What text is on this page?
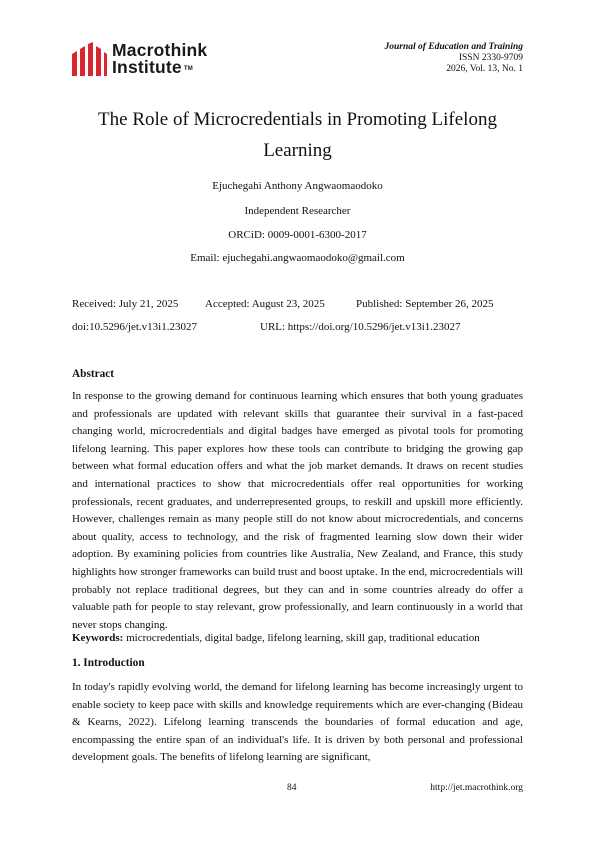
Macrothink
Institute ™
Journal of Education and Training
ISSN 2330-9709
2026, Vol. 13, No. 1
The Role of Microcredentials in Promoting Lifelong
Learning
Ejuchegahi Anthony Angwaomaodoko
Independent Researcher
ORCiD: 0009-0001-6300-2017
Email: ejuchegahi.angwaomaodoko@gmail.com
Received: July 21, 2025 Accepted: August 23, 2025	Published: September 26, 2025
doi:10.5296/jet.v13i1.23027	URL: https://doi.org/10.5296/jet.v13i1.23027
Abstract

In response to the growing demand for continuous learning which ensures that both young graduates and professionals are updated with relevant skills that guarantee their survival in a fast-paced changing world, microcredentials and digital badges have emerged as pivotal tools for promoting lifelong learning. This paper explores how these tools can contribute to bridging the growing gap between what formal education offers and what the job market demands. It draws on recent studies and international practices to show that microcredentials offer real opportunities for working professionals, recent graduates, and underrepresented groups, to reskill and upskill more efficiently. However, challenges remain as many people still do not know about microcredentials, and concerns about quality, access to technology, and the risk of fragmented learning slow down their wider adoption. By examining policies from countries like Australia, New Zealand, and France, this study highlights how stronger frameworks can build trust and boost uptake. In the end, microcredentials will probably not replace traditional degrees, but they can and in some countries already do offer a valuable path for people to stay relevant, grow professionally, and learn continuously in a world that never stops changing.

Keywords: microcredentials, digital badge, lifelong learning, skill gap, traditional education
1. Introduction

In today's rapidly evolving world, the demand for lifelong learning has become increasingly urgent to enable society to keep pace with skills and knowledge requirements which are ever-changing (Bideau & Kearns, 2022). Lifelong learning transcends the boundaries of formal education and age, encompassing the entire span of an individual's life. It is driven by both personal and professional development goals. The benefits of lifelong learning are significant,

84	http://jet.macrothink.org
